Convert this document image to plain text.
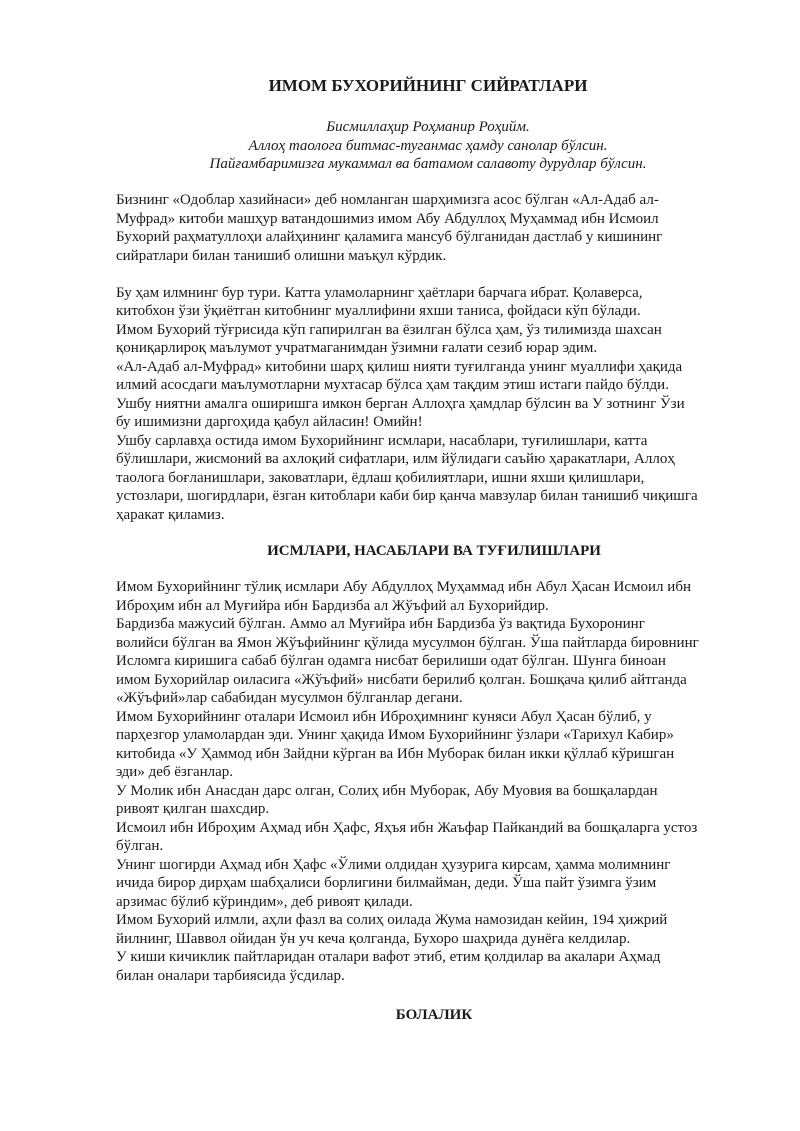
ИМОМ БУХОРИЙНИНГ СИЙРАТЛАРИ
Бисмиллаҳир Роҳманир Роҳийм.
Аллоҳ таолога битмас-туганмас ҳамду санолар бўлсин.
Пайғамбаримизга мукаммал ва батамом салавоту дурудлар бўлсин.

Бизнинг «Одоблар хазийнаси» деб номланган шарҳимизга асос бўлган «Ал-Адаб ал-

Муфрад» китоби машҳур ватандошимиз имом Абу Абдуллоҳ Муҳаммад ибн Исмоил

Бухорий раҳматуллоҳи алайҳининг қаламига мансуб бўлганидан дастлаб у кишининг

сийратлари билан танишиб олишни маъқул кўрдик.

Бу ҳам илмнинг бур тури. Катта уламоларнинг ҳаётлари барчага ибрат. Қолаверса,

китобхон ўзи ўқиётган китобнинг муаллифини яхши таниса, фойдаси кўп бўлади.

Имом Бухорий тўғрисида кўп гапирилган ва ёзилган бўлса ҳам, ўз тилимизда шахсан

қониқарлироқ маълумот учратмаганимдан ўзимни ғалати сезиб юрар эдим.

«Ал-Адаб ал-Муфрад» китобини шарҳ қилиш нияти туғилганда унинг муаллифи ҳақида

илмий асосдаги маълумотларни мухтасар бўлса ҳам тақдим этиш истаги пайдо бўлди.

Ушбу ниятни амалга оширишга имкон берган Аллоҳга ҳамдлар бўлсин ва У зотнинг Ўзи

бу ишимизни даргоҳида қабул айласин! Омийн!

Ушбу сарлавҳа остида имом Бухорийнинг исмлари, насаблари, туғилишлари, катта

бўлишлари, жисмоний ва ахлоқий сифатлари, илм йўлидаги саъйю ҳаракатлари, Аллоҳ

таолога боғланишлари, заковатлари, ёдлаш қобилиятлари, ишни яхши қилишлари,

устозлари, шогирдлари, ёзган китоблари каби бир қанча мавзулар билан танишиб чиқишга

ҳаракат қиламиз.

ИСМЛАРИ, НАСАБЛАРИ ВА ТУҒИЛИШЛАРИ

Имом Бухорийнинг тўлиқ исмлари Абу Абдуллоҳ Муҳаммад ибн Абул Ҳасан Исмоил ибн

Иброҳим ибн ал Муғийра ибн Бардизба ал Жўъфий ал Бухорийдир.

Бардизба мажусий бўлган. Аммо ал Муғийра ибн Бардизба ўз вақтида Бухоронинг

волийси бўлган ва Ямон Жўъфийнинг қўлида мусулмон бўлган. Ўша пайтларда бировнинг

Исломга киришига сабаб бўлган одамга нисбат берилиши одат бўлган. Шунга биноан

имом Бухорийлар оиласига «Жўъфий» нисбати берилиб қолган. Бошқача қилиб айтганда

«Жўъфий»лар сабабидан мусулмон бўлганлар дегани.

Имом Бухорийнинг оталари Исмоил ибн Иброҳимнинг куняси Абул Ҳасан бўлиб, у

парҳезгор уламолардан эди. Унинг ҳақида Имом Бухорийнинг ўзлари «Тарихул Кабир»

китобида «У Ҳаммод ибн Зайдни кўрган ва Ибн Муборак билан икки қўллаб кўришган

эди» деб ёзганлар.

У Молик ибн Анасдан дарс олган, Солиҳ ибн Муборак, Абу Муовия ва бошқалардан

ривоят қилган шахсдир.

Исмоил ибн Иброҳим Аҳмад ибн Ҳафс, Яҳъя ибн Жаъфар Пайкандий ва бошқаларга устоз

бўлган.

Унинг шогирди Аҳмад ибн Ҳафс «Ўлими олдидан ҳузурига кирсам, ҳамма молимнинг

ичида бирор дирҳам шабҳалиси борлигини билмайман, деди. Ўша пайт ўзимга ўзим

арзимас бўлиб кўриндим», деб ривоят қилади.

Имом Бухорий илмли, аҳли фазл ва солиҳ оилада Жума намозидан кейин, 194 ҳижрий

йилнинг, Шаввол ойидан ўн уч кеча қолганда, Бухоро шаҳрида дунёга келдилар.

У киши кичиклик пайтларидан оталари вафот этиб, етим қолдилар ва акалари Аҳмад

билан оналари тарбиясида ўсдилар.

БОЛАЛИК
